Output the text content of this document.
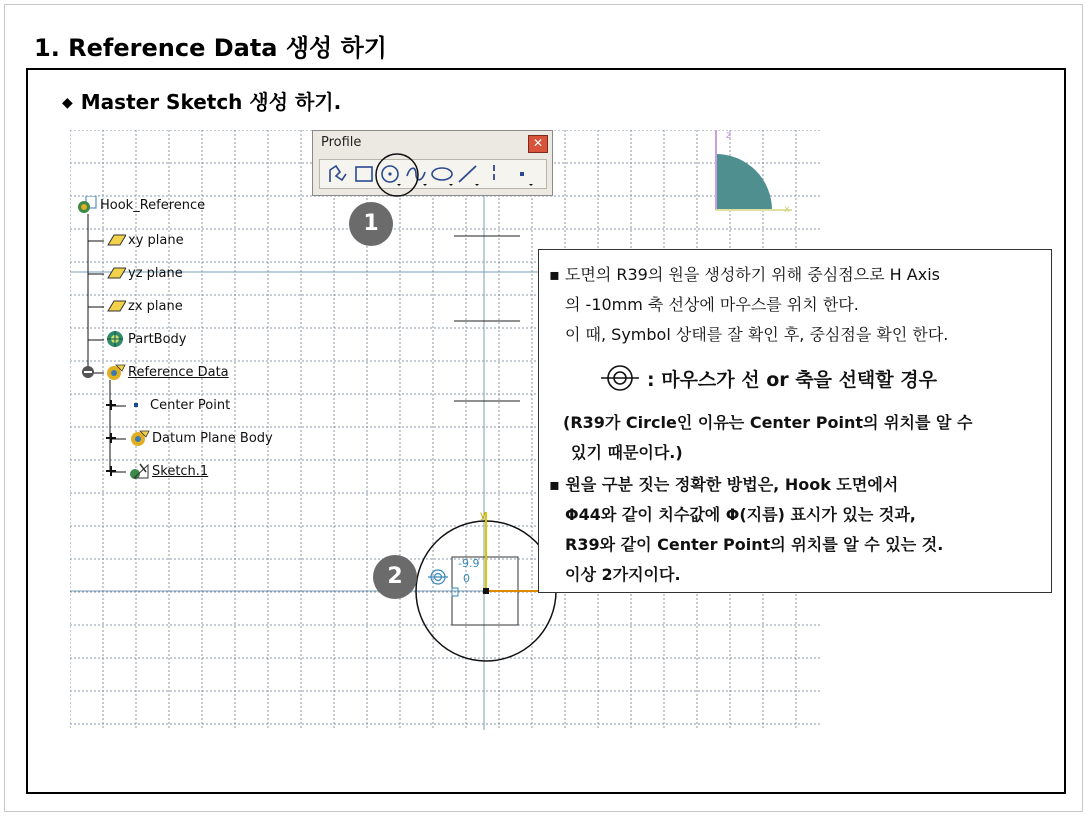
1. Reference Data 생성 하기
◆ Master Sketch 생성 하기.
z
x
y
-9.9
0
Hook_Reference
xy plane
yz plane
zx plane
PartBody
Reference Data
Center Point
Datum Plane Body
Sketch.1
Profile	✕
1
2
▪ 도면의 R39의 원을 생성하기 위해 중심점으로 H Axis
의 -10mm 축 선상에 마우스를 위치 한다.
이 때, Symbol 상태를 잘 확인 후, 중심점을 확인 한다.
: 마우스가 선 or 축을 선택할 경우
(R39가 Circle인 이유는 Center Point의 위치를 알 수
있기 때문이다.)
▪ 원을 구분 짓는 정확한 방법은, Hook 도면에서
Φ44와 같이 치수값에 Φ(지름) 표시가 있는 것과,
R39와 같이 Center Point의 위치를 알 수 있는 것.
이상 2가지이다.
